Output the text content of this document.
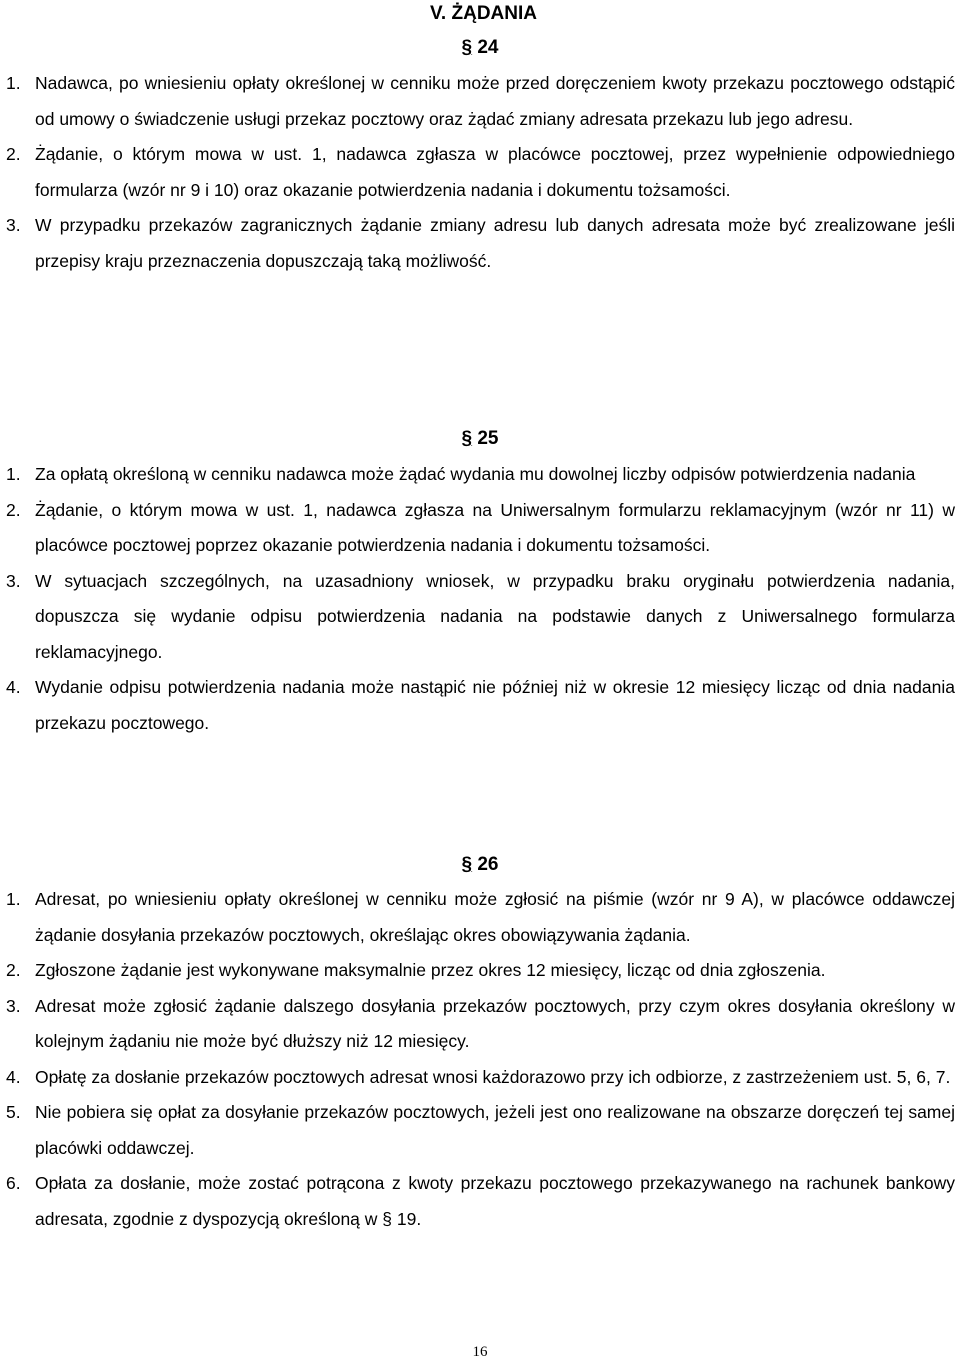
V. ŻĄDANIA
§ 24
1. Nadawca, po wniesieniu opłaty określonej w cenniku może przed doręczeniem kwoty przekazu pocztowego odstąpić od umowy o świadczenie usługi przekaz pocztowy oraz żądać zmiany adresata przekazu lub jego adresu.
2. Żądanie, o którym mowa w ust. 1, nadawca zgłasza w placówce pocztowej, przez wypełnienie odpowiedniego formularza (wzór nr 9 i 10) oraz okazanie potwierdzenia nadania i dokumentu tożsamości.
3. W przypadku przekazów zagranicznych żądanie zmiany adresu lub danych adresata może być zrealizowane jeśli przepisy kraju przeznaczenia dopuszczają taką możliwość.
§ 25
1. Za opłatą określoną w cenniku nadawca może żądać wydania mu dowolnej liczby odpisów potwierdzenia nadania
2. Żądanie, o którym mowa w ust. 1, nadawca zgłasza na Uniwersalnym formularzu reklamacyjnym (wzór nr 11) w placówce pocztowej poprzez okazanie potwierdzenia nadania i dokumentu tożsamości.
3. W sytuacjach szczególnych, na uzasadniony wniosek, w przypadku braku oryginału potwierdzenia nadania, dopuszcza się wydanie odpisu potwierdzenia nadania na podstawie danych z Uniwersalnego formularza reklamacyjnego.
4. Wydanie odpisu potwierdzenia nadania może nastąpić nie później niż w okresie 12 miesięcy licząc od dnia nadania przekazu pocztowego.
§ 26
1. Adresat, po wniesieniu opłaty określonej w cenniku może zgłosić na piśmie (wzór nr 9 A), w placówce oddawczej żądanie dosyłania przekazów pocztowych, określając okres obowiązywania żądania.
2. Zgłoszone żądanie jest wykonywane maksymalnie przez okres 12 miesięcy, licząc od dnia zgłoszenia.
3. Adresat może zgłosić żądanie dalszego dosyłania przekazów pocztowych, przy czym okres dosyłania określony w kolejnym żądaniu nie może być dłuższy niż 12 miesięcy.
4. Opłatę za dosłanie przekazów pocztowych adresat wnosi każdorazowo przy ich odbiorze, z zastrzeżeniem ust. 5, 6, 7.
5. Nie pobiera się opłat za dosyłanie przekazów pocztowych, jeżeli jest ono realizowane na obszarze doręczeń tej samej placówki oddawczej.
6. Opłata za dosłanie, może zostać potrącona z kwoty przekazu pocztowego przekazywanego na rachunek bankowy adresata, zgodnie z dyspozycją określoną w § 19.
16
